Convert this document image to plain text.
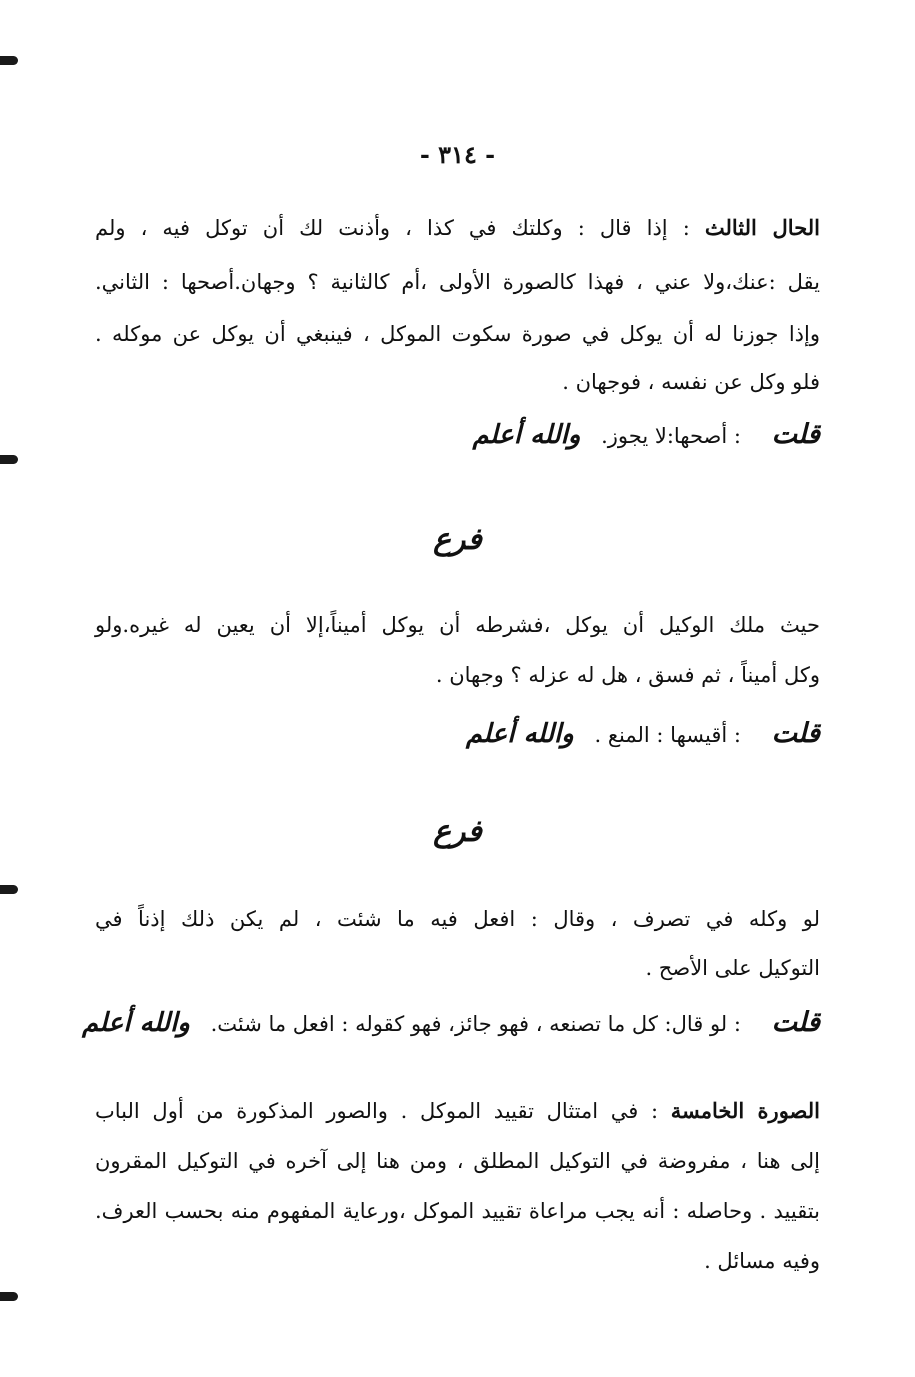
- ٣١٤ -
الحال الثالث : إذا قال : وكلتك في كذا ، وأذنت لك أن توكل فيه ، ولم
يقل :عنك،ولا عني ، فهذا كالصورة الأولى ،أم كالثانية ؟ وجهان.أصحها : الثاني.
وإذا جوزنا له أن يوكل في صورة سكوت الموكل ، فينبغي أن يوكل عن موكله .
فلو وكل عن نفسه ، فوجهان .
قلت : أصحها:لا يجوز. والله أعلم
فرع
حيث ملك الوكيل أن يوكل ،فشرطه أن يوكل أميناً،إلا أن يعين له غيره.ولو
وكل أميناً ، ثم فسق ، هل له عزله ؟ وجهان .
قلت : أقيسها : المنع . والله أعلم
فرع
لو وكله في تصرف ، وقال : افعل فيه ما شئت ، لم يكن ذلك إذناً في
التوكيل على الأصح .
قلت : لو قال: كل ما تصنعه ، فهو جائز، فهو كقوله : افعل ما شئت. والله أعلم
الصورة الخامسة : في امتثال تقييد الموكل . والصور المذكورة من أول الباب
إلى هنا ، مفروضة في التوكيل المطلق ، ومن هنا إلى آخره في التوكيل المقرون
بتقييد . وحاصله : أنه يجب مراعاة تقييد الموكل ،ورعاية المفهوم منه بحسب العرف.
وفيه مسائل .
